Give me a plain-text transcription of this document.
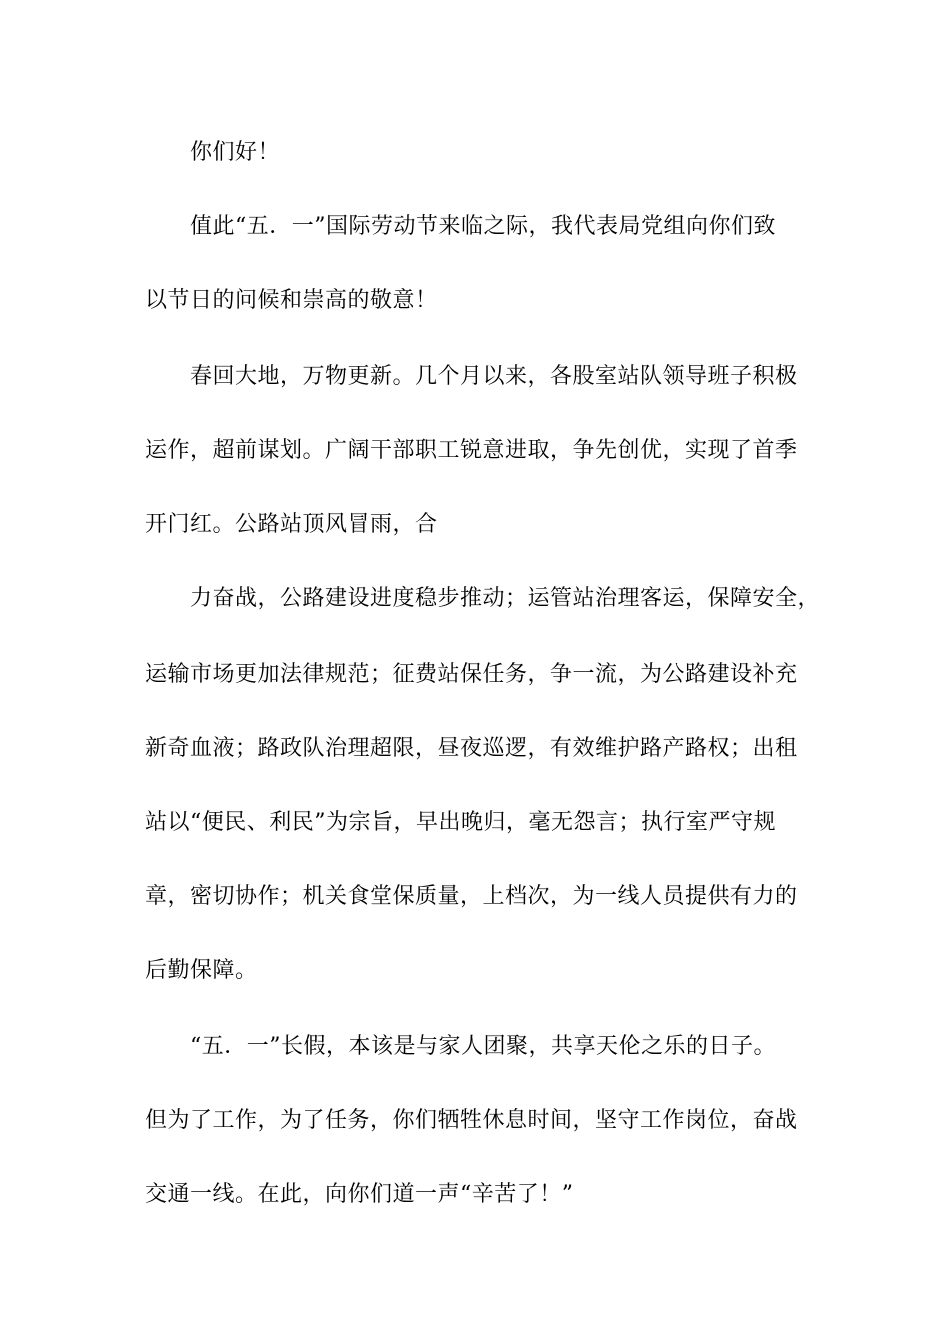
你们好！
值此“五．一”国际劳动节来临之际，我代表局党组向你们致
以节日的问候和崇高的敬意！
春回大地，万物更新。几个月以来，各股室站队领导班子积极
运作，超前谋划。广阔干部职工锐意进取，争先创优，实现了首季
开门红。公路站顶风冒雨，合
力奋战，公路建设进度稳步推动；运管站治理客运，保障安全，
运输市场更加法律规范；征费站保任务，争一流，为公路建设补充
新奇血液；路政队治理超限，昼夜巡逻，有效维护路产路权；出租
站以“便民、利民”为宗旨，早出晚归，毫无怨言；执行室严守规
章，密切协作；机关食堂保质量，上档次，为一线人员提供有力的
后勤保障。
“五．一”长假，本该是与家人团聚，共享天伦之乐的日子。
但为了工作，为了任务，你们牺牲休息时间，坚守工作岗位，奋战
交通一线。在此，向你们道一声“辛苦了！”
